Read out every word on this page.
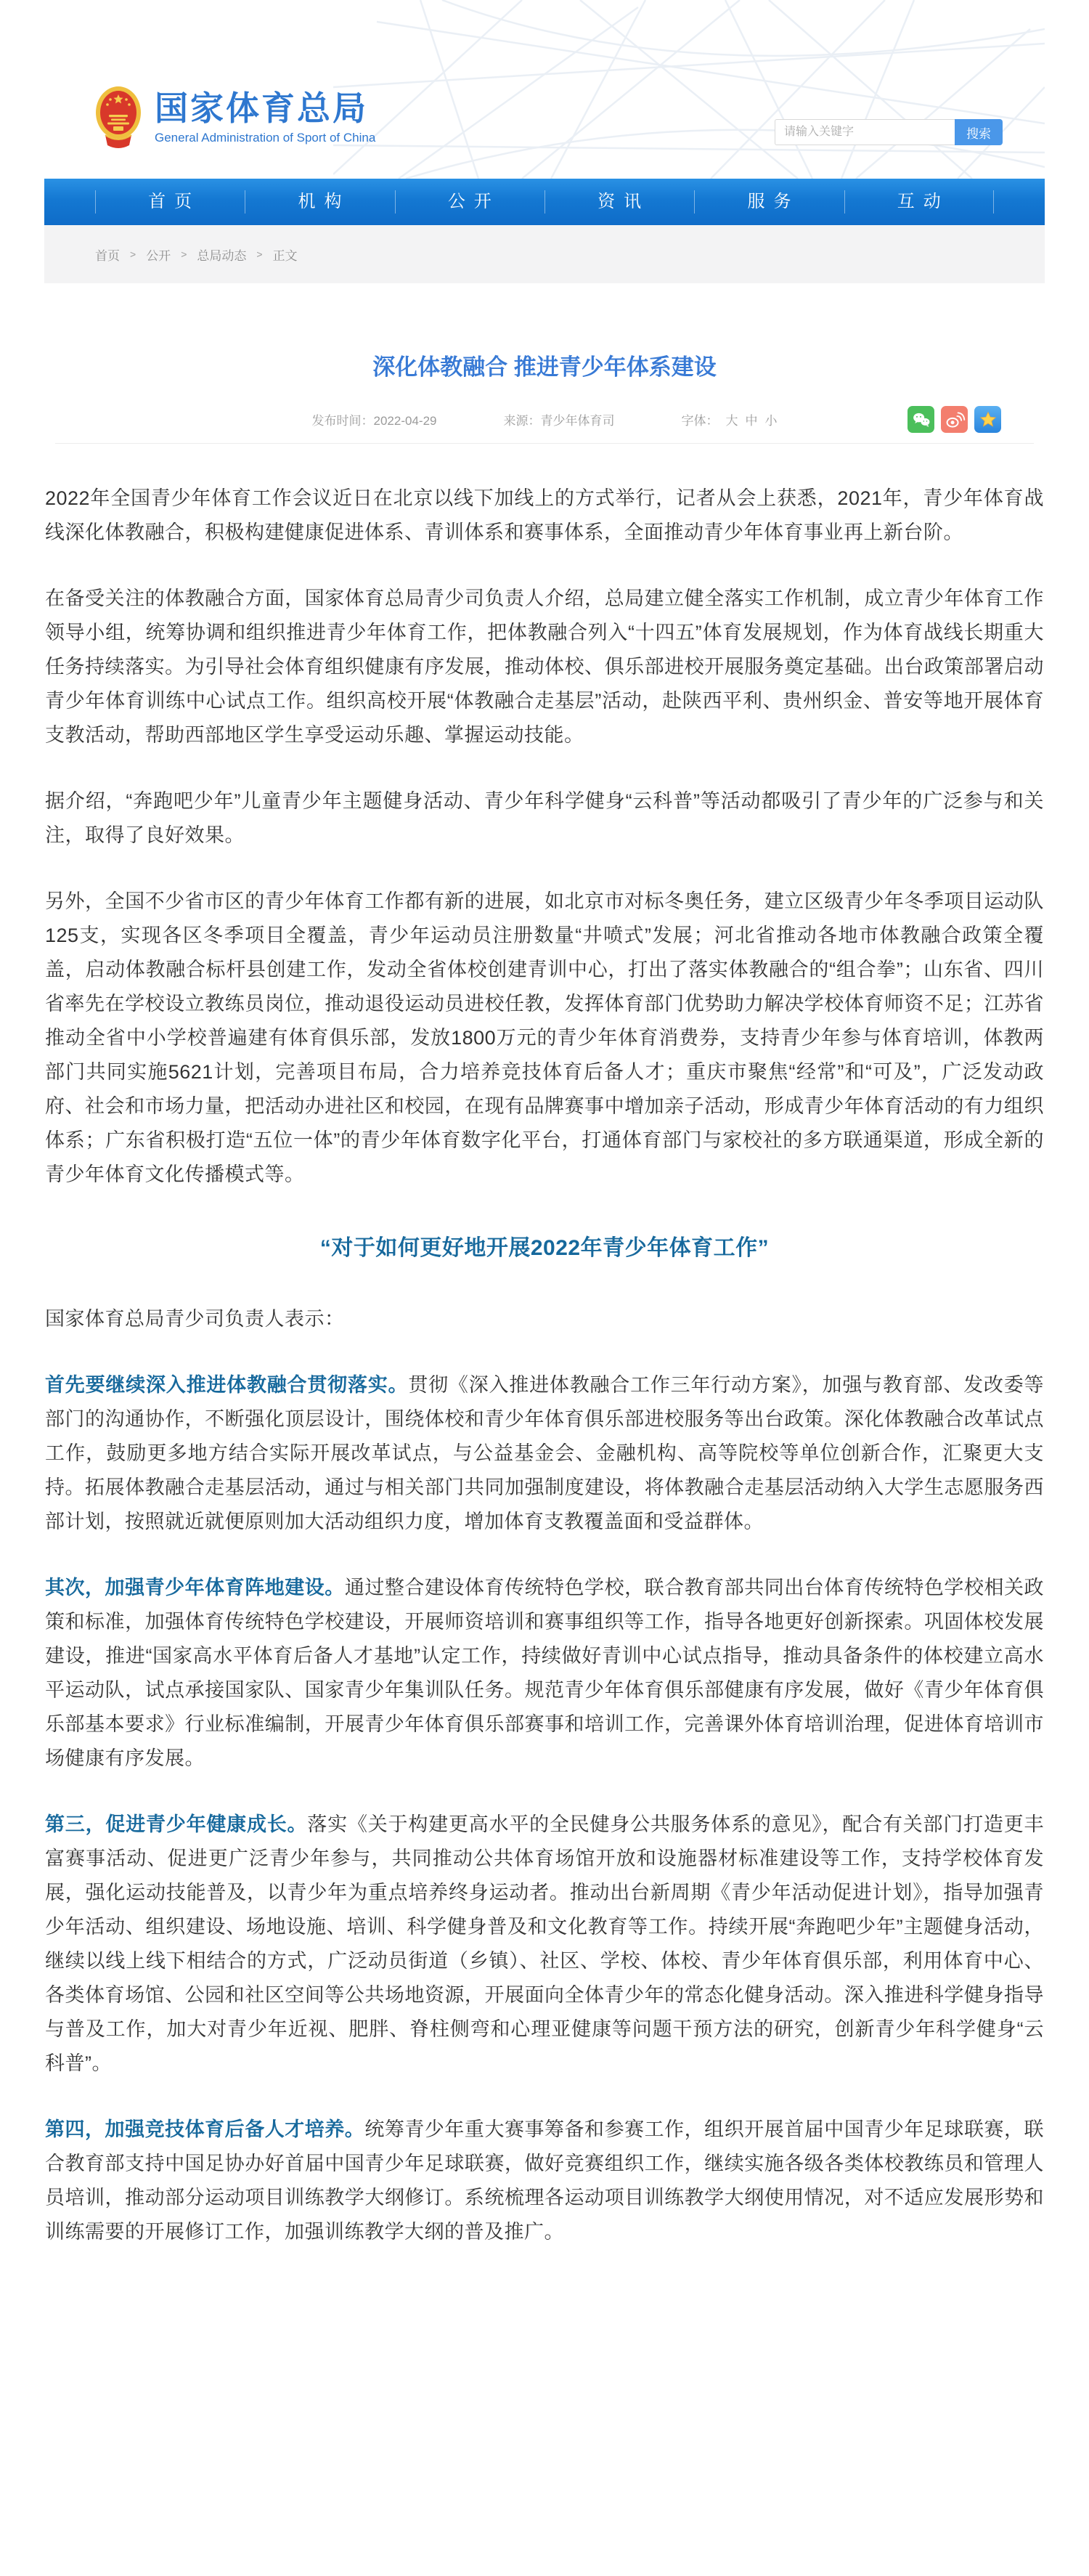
国家体育总局
General Administration of Sport of China
请输入关键字	搜索
首页	机构	公开	资讯	服务	互动
首页 > 公开 > 总局动态 > 正文
深化体教融合 推进青少年体系建设
发布时间：2022-04-29	来源：青少年体育司	字体： 大 中 小

2022年全国青少年体育工作会议近日在北京以线下加线上的方式举行，记者从会上获悉，2021年，青少年体育战线深化体教融合，积极构建健康促进体系、青训体系和赛事体系，全面推动青少年体育事业再上新台阶。

在备受关注的体教融合方面，国家体育总局青少司负责人介绍，总局建立健全落实工作机制，成立青少年体育工作领导小组，统筹协调和组织推进青少年体育工作，把体教融合列入“十四五”体育发展规划，作为体育战线长期重大任务持续落实。为引导社会体育组织健康有序发展，推动体校、俱乐部进校开展服务奠定基础。出台政策部署启动青少年体育训练中心试点工作。组织高校开展“体教融合走基层”活动，赴陕西平利、贵州织金、普安等地开展体育支教活动，帮助西部地区学生享受运动乐趣、掌握运动技能。

据介绍，“奔跑吧少年”儿童青少年主题健身活动、青少年科学健身“云科普”等活动都吸引了青少年的广泛参与和关注，取得了良好效果。

另外，全国不少省市区的青少年体育工作都有新的进展，如北京市对标冬奥任务，建立区级青少年冬季项目运动队125支，实现各区冬季项目全覆盖，青少年运动员注册数量“井喷式”发展；河北省推动各地市体教融合政策全覆盖，启动体教融合标杆县创建工作，发动全省体校创建青训中心，打出了落实体教融合的“组合拳”；山东省、四川省率先在学校设立教练员岗位，推动退役运动员进校任教，发挥体育部门优势助力解决学校体育师资不足；江苏省推动全省中小学校普遍建有体育俱乐部，发放1800万元的青少年体育消费券，支持青少年参与体育培训，体教两部门共同实施5621计划，完善项目布局，合力培养竞技体育后备人才；重庆市聚焦“经常”和“可及”，广泛发动政府、社会和市场力量，把活动办进社区和校园，在现有品牌赛事中增加亲子活动，形成青少年体育活动的有力组织体系；广东省积极打造“五位一体”的青少年体育数字化平台，打通体育部门与家校社的多方联通渠道，形成全新的青少年体育文化传播模式等。

“对于如何更好地开展2022年青少年体育工作”

国家体育总局青少司负责人表示：

首先要继续深入推进体教融合贯彻落实。贯彻《深入推进体教融合工作三年行动方案》，加强与教育部、发改委等部门的沟通协作，不断强化顶层设计，围绕体校和青少年体育俱乐部进校服务等出台政策。深化体教融合改革试点工作，鼓励更多地方结合实际开展改革试点，与公益基金会、金融机构、高等院校等单位创新合作，汇聚更大支持。拓展体教融合走基层活动，通过与相关部门共同加强制度建设，将体教融合走基层活动纳入大学生志愿服务西部计划，按照就近就便原则加大活动组织力度，增加体育支教覆盖面和受益群体。

其次，加强青少年体育阵地建设。通过整合建设体育传统特色学校，联合教育部共同出台体育传统特色学校相关政策和标准，加强体育传统特色学校建设，开展师资培训和赛事组织等工作，指导各地更好创新探索。巩固体校发展建设，推进“国家高水平体育后备人才基地”认定工作，持续做好青训中心试点指导，推动具备条件的体校建立高水平运动队，试点承接国家队、国家青少年集训队任务。规范青少年体育俱乐部健康有序发展，做好《青少年体育俱乐部基本要求》行业标准编制，开展青少年体育俱乐部赛事和培训工作，完善课外体育培训治理，促进体育培训市场健康有序发展。

第三，促进青少年健康成长。落实《关于构建更高水平的全民健身公共服务体系的意见》，配合有关部门打造更丰富赛事活动、促进更广泛青少年参与，共同推动公共体育场馆开放和设施器材标准建设等工作，支持学校体育发展，强化运动技能普及，以青少年为重点培养终身运动者。推动出台新周期《青少年活动促进计划》，指导加强青少年活动、组织建设、场地设施、培训、科学健身普及和文化教育等工作。持续开展“奔跑吧少年”主题健身活动，继续以线上线下相结合的方式，广泛动员街道（乡镇）、社区、学校、体校、青少年体育俱乐部，利用体育中心、各类体育场馆、公园和社区空间等公共场地资源，开展面向全体青少年的常态化健身活动。深入推进科学健身指导与普及工作，加大对青少年近视、肥胖、脊柱侧弯和心理亚健康等问题干预方法的研究，创新青少年科学健身“云科普”。

第四，加强竞技体育后备人才培养。统筹青少年重大赛事筹备和参赛工作，组织开展首届中国青少年足球联赛，联合教育部支持中国足协办好首届中国青少年足球联赛，做好竞赛组织工作，继续实施各级各类体校教练员和管理人员培训，推动部分运动项目训练教学大纲修订。系统梳理各运动项目训练教学大纲使用情况，对不适应发展形势和训练需要的开展修订工作，加强训练教学大纲的普及推广。
